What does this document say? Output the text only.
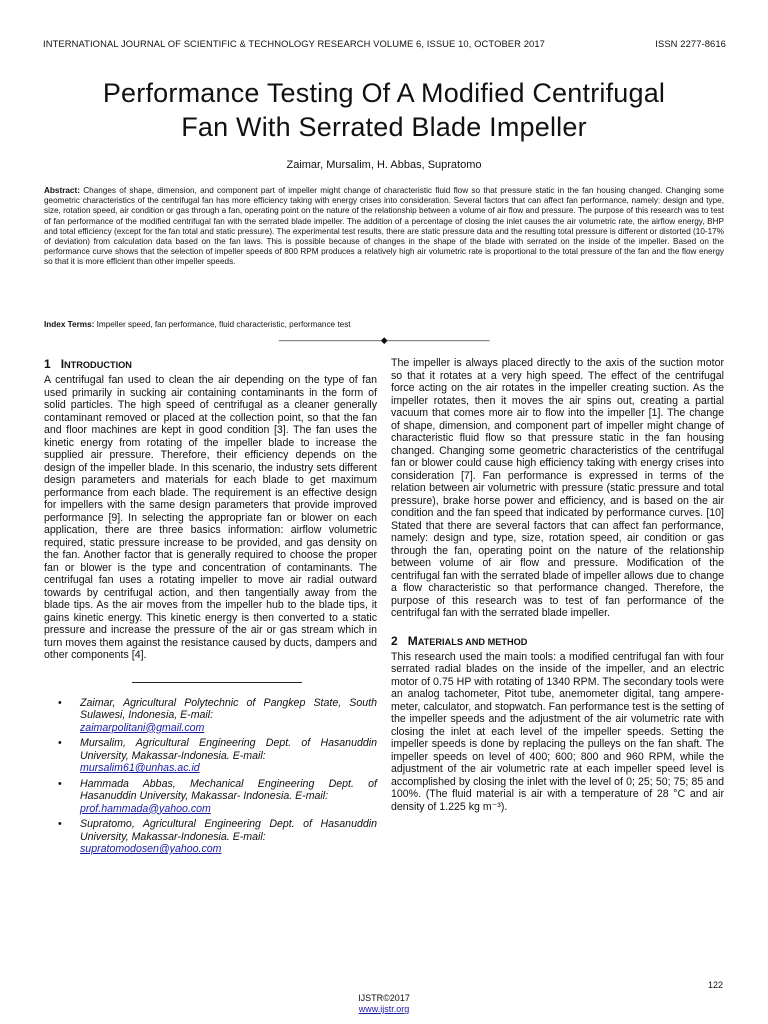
INTERNATIONAL JOURNAL OF SCIENTIFIC & TECHNOLOGY RESEARCH VOLUME 6, ISSUE 10, OCTOBER 2017	ISSN 2277-8616
Performance Testing Of A Modified Centrifugal
Fan With Serrated Blade Impeller
Zaimar, Mursalim, H. Abbas, Supratomo
Abstract: Changes of shape, dimension, and component part of impeller might change of characteristic fluid flow so that pressure static in the fan housing changed. Changing some geometric characteristics of the centrifugal fan has more efficiency taking with energy crises into consideration. Several factors that can affect fan performance, namely: design and type, size, rotation speed, air condition or gas through a fan, operating point on the nature of the relationship between a volume of air flow and pressure. The purpose of this research was to test of fan performance of the modified centrifugal fan with the serrated blade impeller. The addition of a percentage of closing the inlet causes the air volumetric rate, the airflow energy, BHP and total efficiency (except for the fan total and static pressure). The experimental test results, there are static pressure data and the resulting total pressure is different or distorted (10-17% of deviation) from calculation data based on the fan laws. This is possible because of changes in the shape of the blade with serrated on the inside of the impeller. Based on the performance curve shows that the selection of impeller speeds of 800 RPM produces a relatively high air volumetric rate is proportional to the total pressure of the fan and the flow energy so that it is more efficient than other impeller speeds.
Index Terms: Impeller speed, fan performance, fluid characteristic, performance test
————————————◆————————————
1 INTRODUCTION

A centrifugal fan used to clean the air depending on the type of fan used primarily in sucking air containing contaminants in the form of solid particles. The high speed of centrifugal as a cleaner generally contaminant removed or placed at the collection point, so that the fan and floor machines are kept in good condition [3]. The fan uses the kinetic energy from rotating of the impeller blade to increase the supplied air pressure. Therefore, their efficiency depends on the design of the impeller blade. In this scenario, the industry sets different design parameters and materials for each blade to get maximum performance from each blade. The requirement is an effective design for impellers with the same design parameters that provide improved performance [9]. In selecting the appropriate fan or blower on each application, there are three basics information: airflow volumetric required, static pressure increase to be provided, and gas density on the fan. Another factor that is generally required to choose the proper fan or blower is the type and concentration of contaminants. The centrifugal fan uses a rotating impeller to move air radial outward towards by centrifugal action, and then tangentially away from the blade tips. As the air moves from the impeller hub to the blade tips, it gains kinetic energy. This kinetic energy is then converted to a static pressure and increase the pressure of the air or gas stream which in turn moves them against the resistance caused by ducts, dampers and other components [4].

• Zaimar, Agricultural Polytechnic of Pangkep State, South Sulawesi, Indonesia, E-mail:
zaimarpolitani@gmail.com
• Mursalim, Agricultural Engineering Dept. of Hasanuddin University, Makassar-Indonesia. E-mail:
mursalim61@unhas.ac.id
• Hammada Abbas, Mechanical Engineering Dept. of Hasanuddin University, Makassar- Indonesia. E-mail:
prof.hammada@yahoo.com
• Supratomo, Agricultural Engineering Dept. of Hasanuddin University, Makassar-Indonesia. E-mail:
supratomodosen@yahoo.com

The impeller is always placed directly to the axis of the suction motor so that it rotates at a very high speed. The effect of the centrifugal force acting on the air rotates in the impeller creating suction. As the impeller rotates, then it moves the air spins out, creating a partial vacuum that comes more air to flow into the impeller [1]. The change of shape, dimension, and component part of impeller might change of characteristic fluid flow so that pressure static in the fan housing changed. Changing some geometric characteristics of the centrifugal fan or blower could cause high efficiency taking with energy crises into consideration [7]. Fan performance is expressed in terms of the relation between air volumetric with pressure (static pressure and total pressure), brake horse power and efficiency, and is based on the air condition and the fan speed that indicated by performance curves. [10] Stated that there are several factors that can affect fan performance, namely: design and type, size, rotation speed, air condition or gas through the fan, operating point on the nature of the relationship between volume of air flow and pressure. Modification of the centrifugal fan with the serrated blade of impeller allows due to change a flow characteristic so that performance changed. Therefore, the purpose of this research was to test of fan performance of the centrifugal fan with the serrated blade impeller.

2 MATERIALS AND METHOD

This research used the main tools: a modified centrifugal fan with four serrated radial blades on the inside of the impeller, and an electric motor of 0.75 HP with rotating of 1340 RPM. The secondary tools were an analog tachometer, Pitot tube, anemometer digital, tang ampere-meter, calculator, and stopwatch. Fan performance test is the setting of the impeller speeds and the adjustment of the air volumetric rate with closing the inlet at each level of the impeller speeds. Setting the impeller speeds is done by replacing the pulleys on the fan shaft. The impeller speeds on level of 400; 600; 800 and 960 RPM, while the adjustment of the air volumetric rate at each impeller speed level is accomplished by closing the inlet with the level of 0; 25; 50; 75; 85 and 100%. (The fluid material is air with a temperature of 28 °C and air density of 1.225 kg m⁻³).

122
IJSTR©2017
www.ijstr.org
